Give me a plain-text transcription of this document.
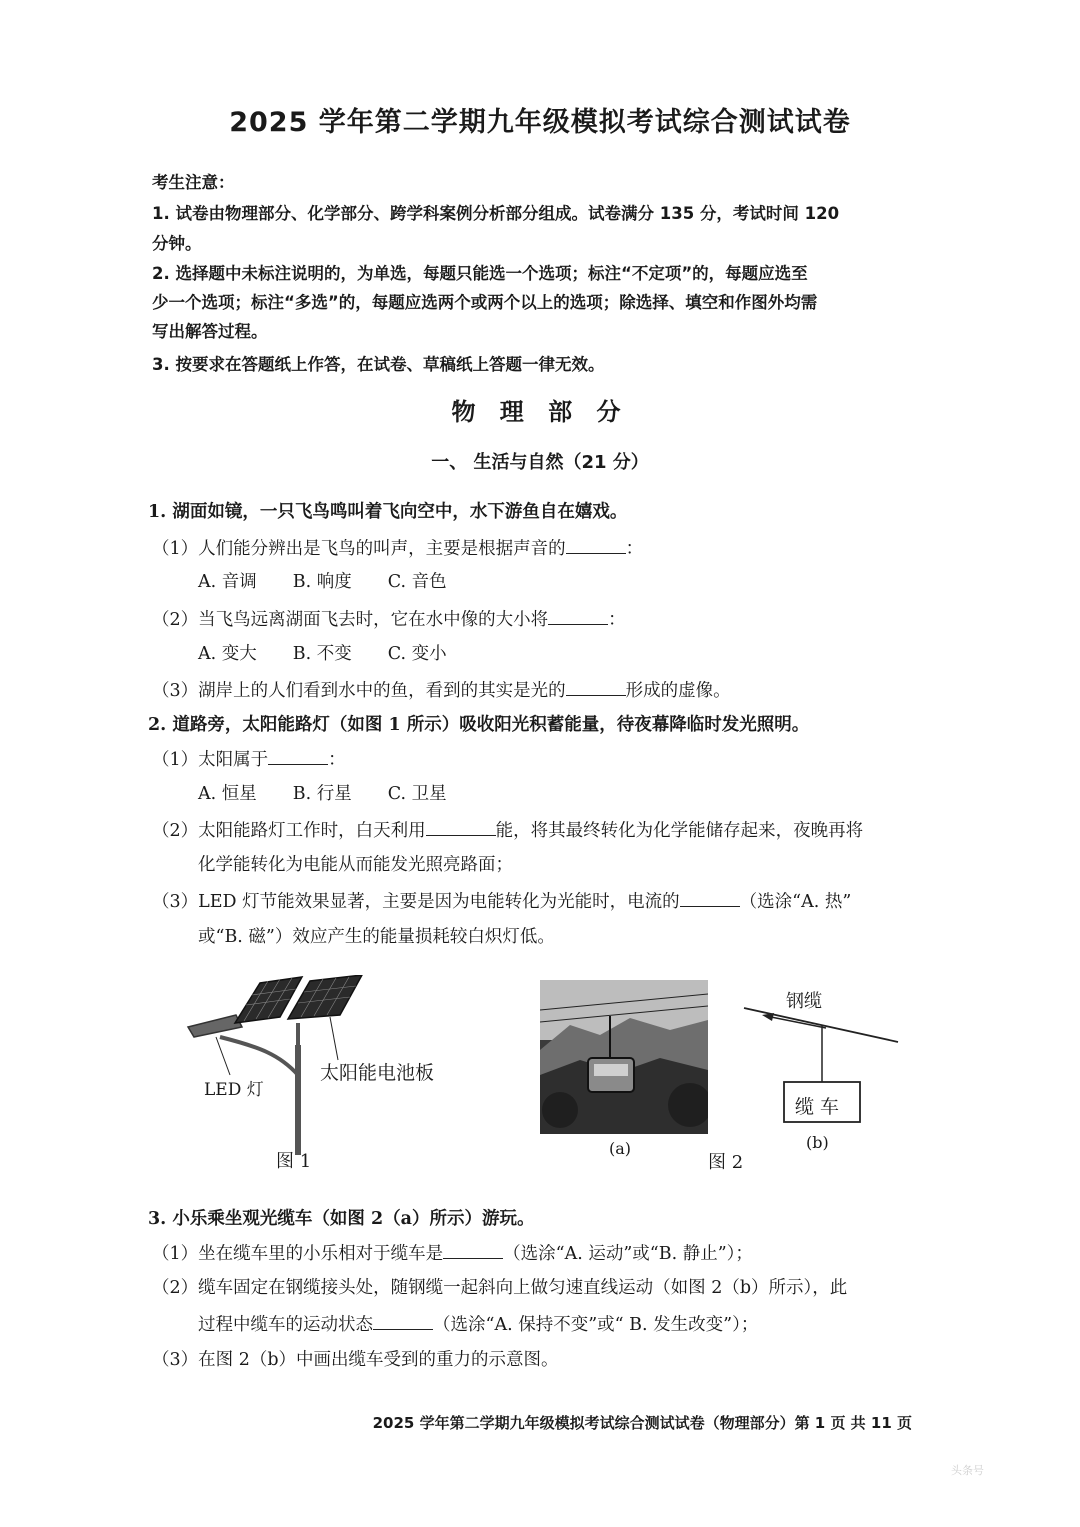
2025 学年第二学期九年级模拟考试综合测试试卷
考生注意：
1. 试卷由物理部分、化学部分、跨学科案例分析部分组成。试卷满分 135 分，考试时间 120
分钟。
2. 选择题中未标注说明的，为单选，每题只能选一个选项；标注“不定项”的，每题应选至
少一个选项；标注“多选”的，每题应选两个或两个以上的选项；除选择、填空和作图外均需
写出解答过程。
3. 按要求在答题纸上作答，在试卷、草稿纸上答题一律无效。
物 理 部 分
一、 生活与自然（21 分）
1. 湖面如镜，一只飞鸟鸣叫着飞向空中，水下游鱼自在嬉戏。
（1）人们能分辨出是飞鸟的叫声，主要是根据声音的	：
A. 音调 B. 响度 C. 音色
（2）当飞鸟远离湖面飞去时，它在水中像的大小将	：
A. 变大 B. 不变 C. 变小
（3）湖岸上的人们看到水中的鱼，看到的其实是光的	形成的虚像。
2. 道路旁，太阳能路灯（如图 1 所示）吸收阳光积蓄能量，待夜幕降临时发光照明。
（1）太阳属于	：
A. 恒星 B. 行星 C. 卫星
（2）太阳能路灯工作时，白天利用	能，将其最终转化为化学能储存起来，夜晚再将
化学能转化为电能从而能发光照亮路面；
（3）LED 灯节能效果显著，主要是因为电能转化为光能时，电流的	（选涂“A. 热”
或“B. 磁”）效应产生的能量损耗较白炽灯低。
LED 灯
太阳能电池板
图 1
(a)
图 2
钢缆
缆 车
(b)
3. 小乐乘坐观光缆车（如图 2（a）所示）游玩。
（1）坐在缆车里的小乐相对于缆车是	（选涂“A. 运动”或“B. 静止”）；
（2）缆车固定在钢缆接头处，随钢缆一起斜向上做匀速直线运动（如图 2（b）所示），此
过程中缆车的运动状态	（选涂“A. 保持不变”或“ B. 发生改变”）；
（3）在图 2（b）中画出缆车受到的重力的示意图。
2025 学年第二学期九年级模拟考试综合测试试卷（物理部分）第 1 页 共 11 页
头条号
